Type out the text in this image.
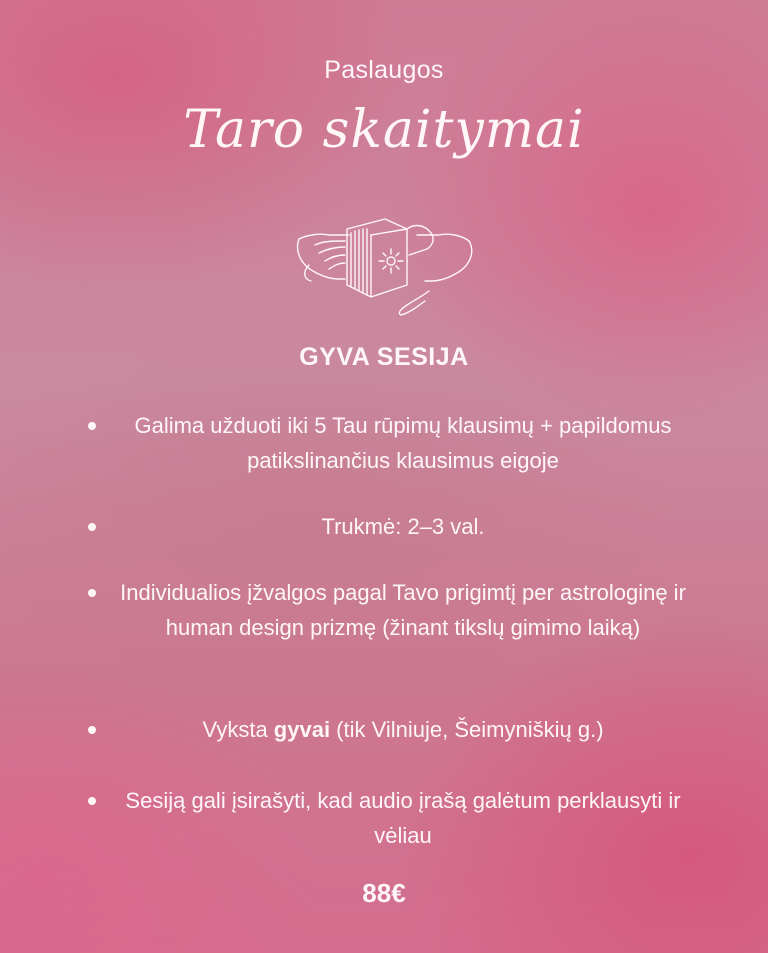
Paslaugos
Taro skaitymai
GYVA SESIJA
Galima užduoti iki 5 Tau rūpimų klausimų + papildomus patikslinančius klausimus eigoje
Trukmė: 2–3 val.
Individualios įžvalgos pagal Tavo prigimtį per astrologinę ir human design prizmę (žinant tikslų gimimo laiką)
Vyksta gyvai (tik Vilniuje, Šeimyniškių g.)
Sesiją gali įsirašyti, kad audio įrašą galėtum perklausyti ir vėliau
88€
